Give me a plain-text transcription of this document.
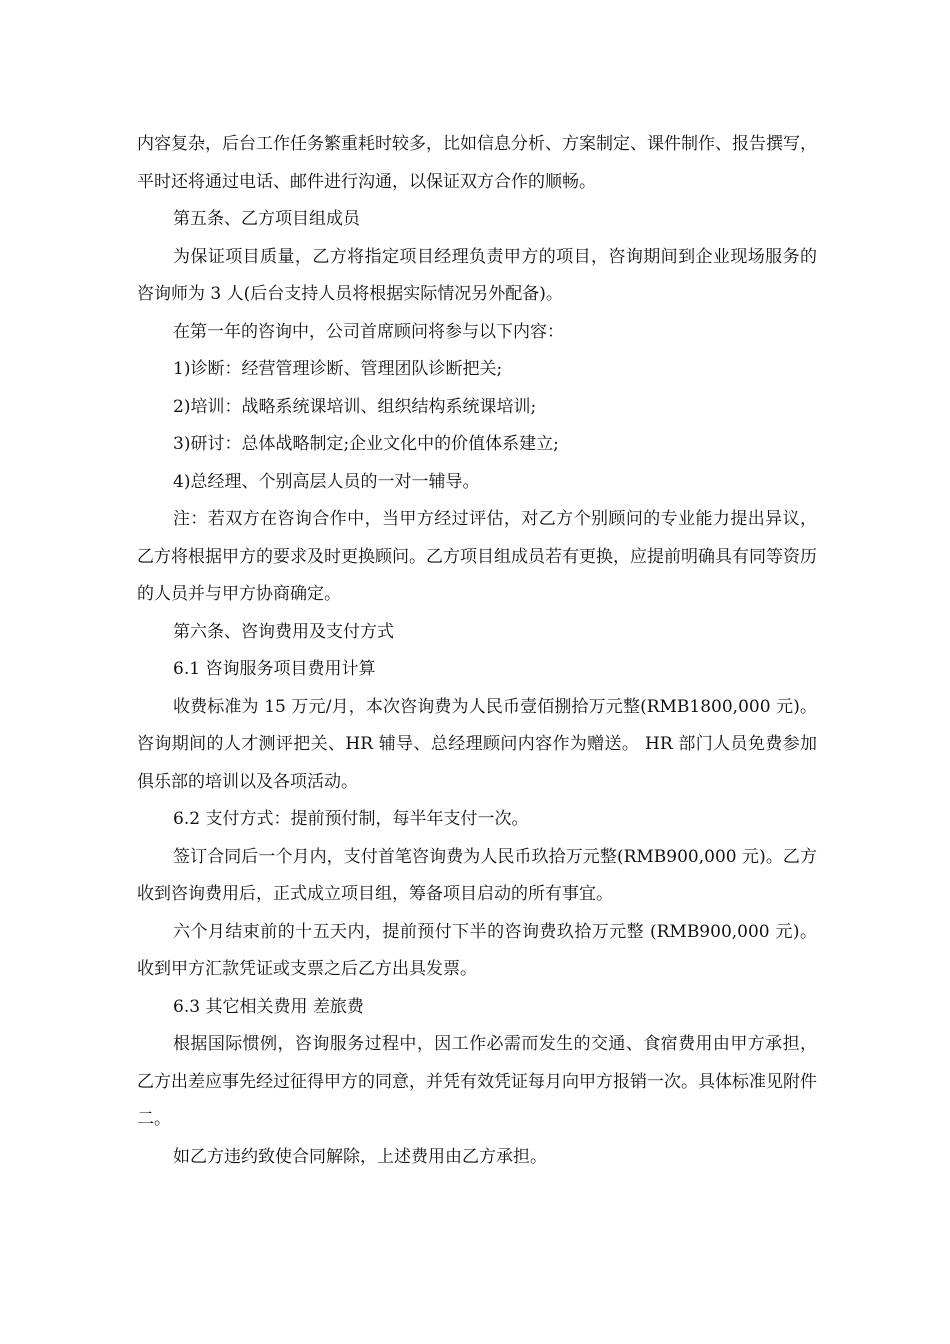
内容复杂，后台工作任务繁重耗时较多，比如信息分析、方案制定、课件制作、报告撰写，平时还将通过电话、邮件进行沟通，以保证双方合作的顺畅。

第五条、乙方项目组成员

为保证项目质量，乙方将指定项目经理负责甲方的项目，咨询期间到企业现场服务的咨询师为 3 人(后台支持人员将根据实际情况另外配备)。

在第一年的咨询中，公司首席顾问将参与以下内容：

1)诊断：经营管理诊断、管理团队诊断把关;

2)培训：战略系统课培训、组织结构系统课培训;

3)研讨：总体战略制定;企业文化中的价值体系建立;

4)总经理、个别高层人员的一对一辅导。

注：若双方在咨询合作中，当甲方经过评估，对乙方个别顾问的专业能力提出异议，乙方将根据甲方的要求及时更换顾问。乙方项目组成员若有更换，应提前明确具有同等资历的人员并与甲方协商确定。

第六条、咨询费用及支付方式

6.1 咨询服务项目费用计算

收费标准为 15 万元/月，本次咨询费为人民币壹佰捌拾万元整(RMB1800,000 元)。 咨询期间的人才测评把关、HR 辅导、总经理顾问内容作为赠送。 HR 部门人员免费参加俱乐部的培训以及各项活动。

6.2 支付方式：提前预付制，每半年支付一次。

签订合同后一个月内，支付首笔咨询费为人民币玖拾万元整(RMB900,000 元)。乙方收到咨询费用后，正式成立项目组，筹备项目启动的所有事宜。

六个月结束前的十五天内，提前预付下半的咨询费玖拾万元整 (RMB900,000 元)。 收到甲方汇款凭证或支票之后乙方出具发票。

6.3 其它相关费用 差旅费

根据国际惯例，咨询服务过程中，因工作必需而发生的交通、食宿费用由甲方承担，乙方出差应事先经过征得甲方的同意，并凭有效凭证每月向甲方报销一次。具体标准见附件二。

如乙方违约致使合同解除，上述费用由乙方承担。
